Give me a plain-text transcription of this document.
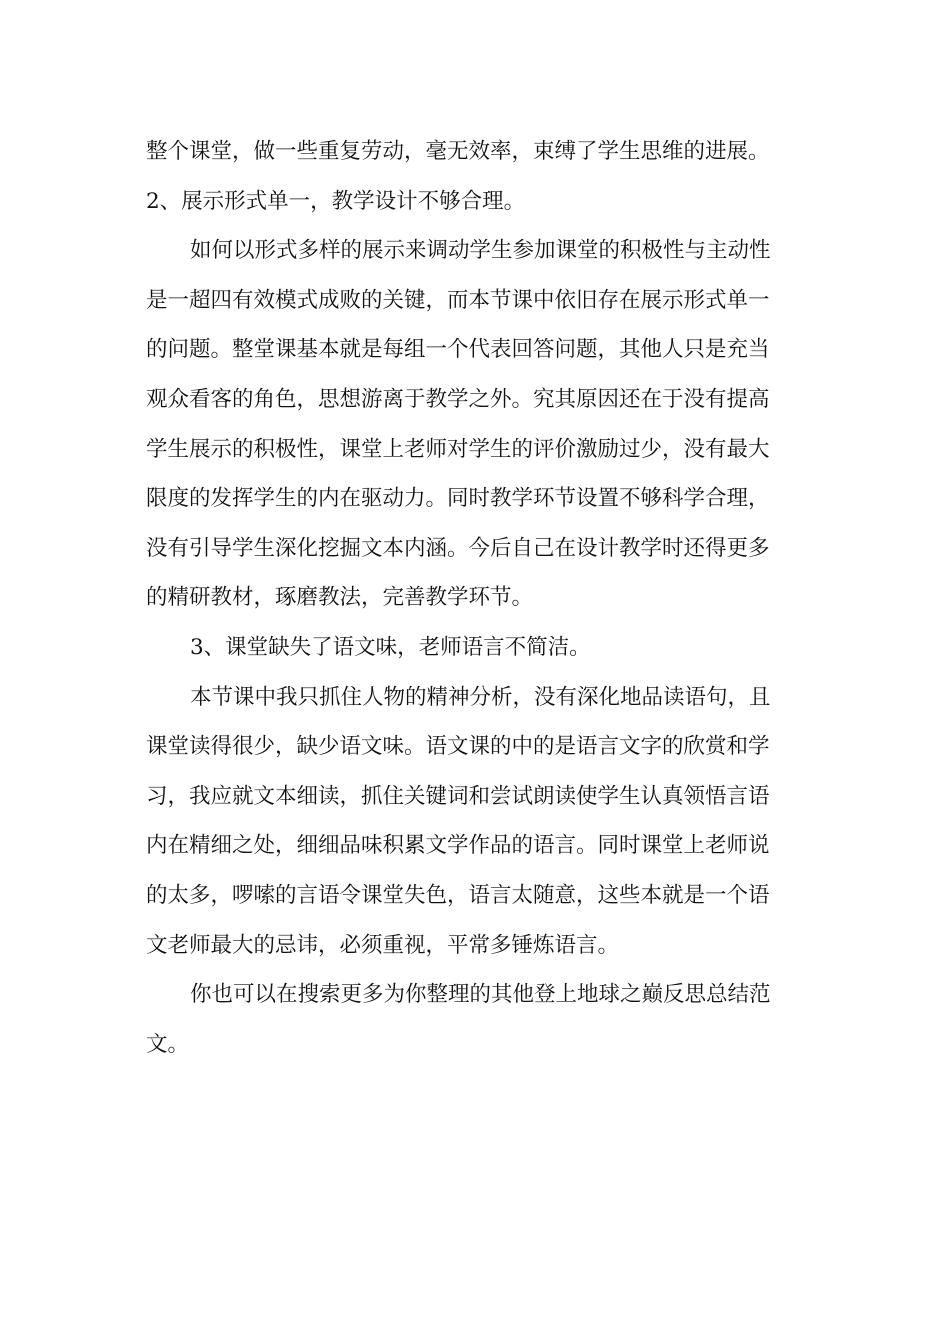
整个课堂，做一些重复劳动，毫无效率，束缚了学生思维的进展。
2、展示形式单一，教学设计不够合理。
如何以形式多样的展示来调动学生参加课堂的积极性与主动性
是一超四有效模式成败的关键，而本节课中依旧存在展示形式单一
的问题。整堂课基本就是每组一个代表回答问题，其他人只是充当
观众看客的角色，思想游离于教学之外。究其原因还在于没有提高
学生展示的积极性，课堂上老师对学生的评价激励过少，没有最大
限度的发挥学生的内在驱动力。同时教学环节设置不够科学合理，
没有引导学生深化挖掘文本内涵。今后自己在设计教学时还得更多
的精研教材，琢磨教法，完善教学环节。
3、课堂缺失了语文味，老师语言不简洁。
本节课中我只抓住人物的精神分析，没有深化地品读语句，且
课堂读得很少，缺少语文味。语文课的中的是语言文字的欣赏和学
习，我应就文本细读，抓住关键词和尝试朗读使学生认真领悟言语
内在精细之处，细细品味积累文学作品的语言。同时课堂上老师说
的太多，啰嗦的言语令课堂失色，语言太随意，这些本就是一个语
文老师最大的忌讳，必须重视，平常多锤炼语言。
你也可以在搜索更多为你整理的其他登上地球之巅反思总结范
文。
